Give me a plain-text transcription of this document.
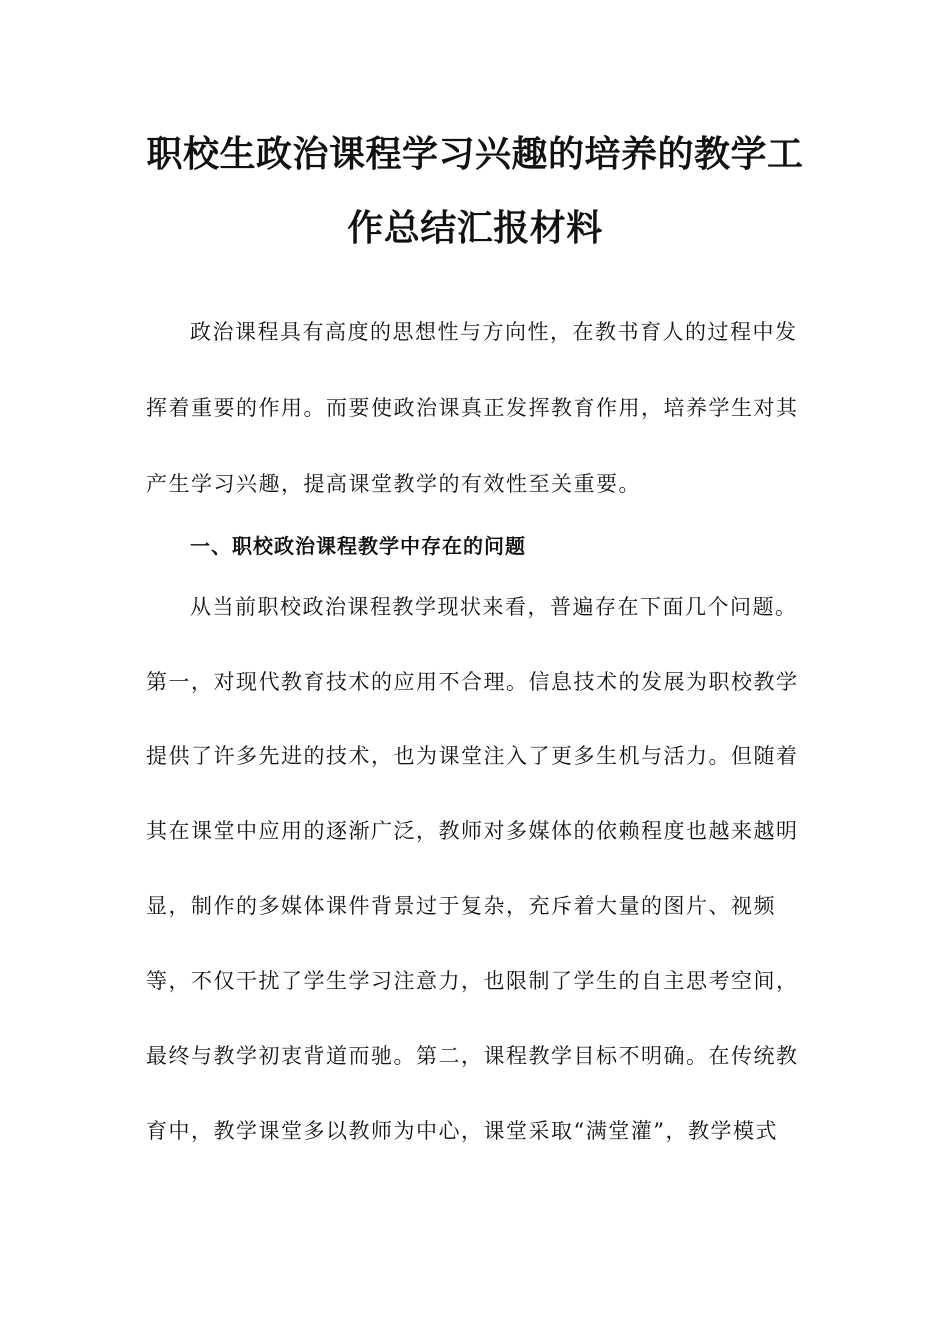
职校生政治课程学习兴趣的培养的教学工
作总结汇报材料
政治课程具有高度的思想性与方向性，在教书育人的过程中发
挥着重要的作用。而要使政治课真正发挥教育作用，培养学生对其
产生学习兴趣，提高课堂教学的有效性至关重要。
一、职校政治课程教学中存在的问题
从当前职校政治课程教学现状来看，普遍存在下面几个问题。
第一，对现代教育技术的应用不合理。信息技术的发展为职校教学
提供了许多先进的技术，也为课堂注入了更多生机与活力。但随着
其在课堂中应用的逐渐广泛，教师对多媒体的依赖程度也越来越明
显，制作的多媒体课件背景过于复杂，充斥着大量的图片、视频
等，不仅干扰了学生学习注意力，也限制了学生的自主思考空间，
最终与教学初衷背道而驰。第二，课程教学目标不明确。在传统教
育中，教学课堂多以教师为中心，课堂采取“满堂灌”，教学模式
